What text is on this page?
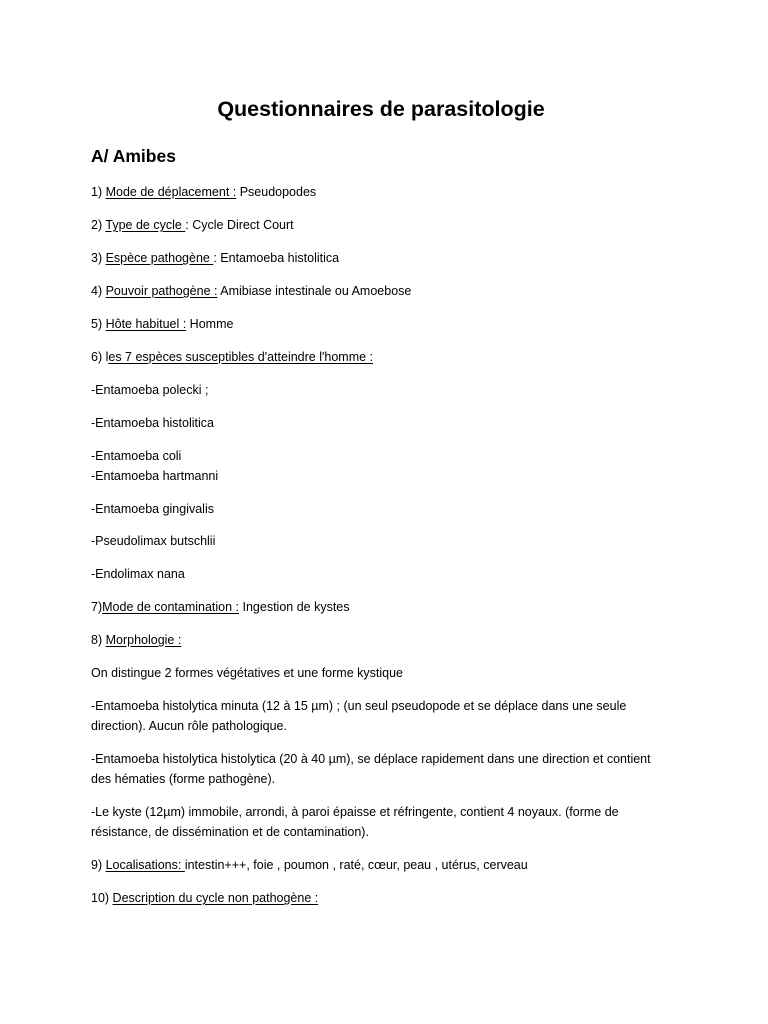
Questionnaires de parasitologie
A/ Amibes
1) Mode de déplacement : Pseudopodes
2) Type de cycle : Cycle Direct Court
3) Espèce pathogène : Entamoeba histolitica
4) Pouvoir pathogène : Amibiase intestinale ou Amoebose
5) Hôte habituel : Homme
6) les 7 espèces susceptibles d'atteindre l'homme :
-Entamoeba polecki ;
-Entamoeba histolitica
-Entamoeba coli
-Entamoeba hartmanni
-Entamoeba gingivalis
-Pseudolimax butschlii
-Endolimax nana
7)Mode de contamination : Ingestion de kystes
8) Morphologie :
On distingue 2 formes végétatives et une forme kystique
-Entamoeba histolytica minuta (12 à 15 µm) ; (un seul pseudopode et se déplace dans une seule direction). Aucun rôle pathologique.
-Entamoeba histolytica histolytica (20 à 40 µm), se déplace rapidement dans une direction et contient des hématies (forme pathogène).
-Le kyste (12µm) immobile, arrondi, à paroi épaisse et réfringente, contient 4 noyaux. (forme de résistance, de dissémination et de contamination).
9) Localisations: intestin+++, foie , poumon , raté, cœur, peau , utérus, cerveau
10) Description du cycle non pathogène :
